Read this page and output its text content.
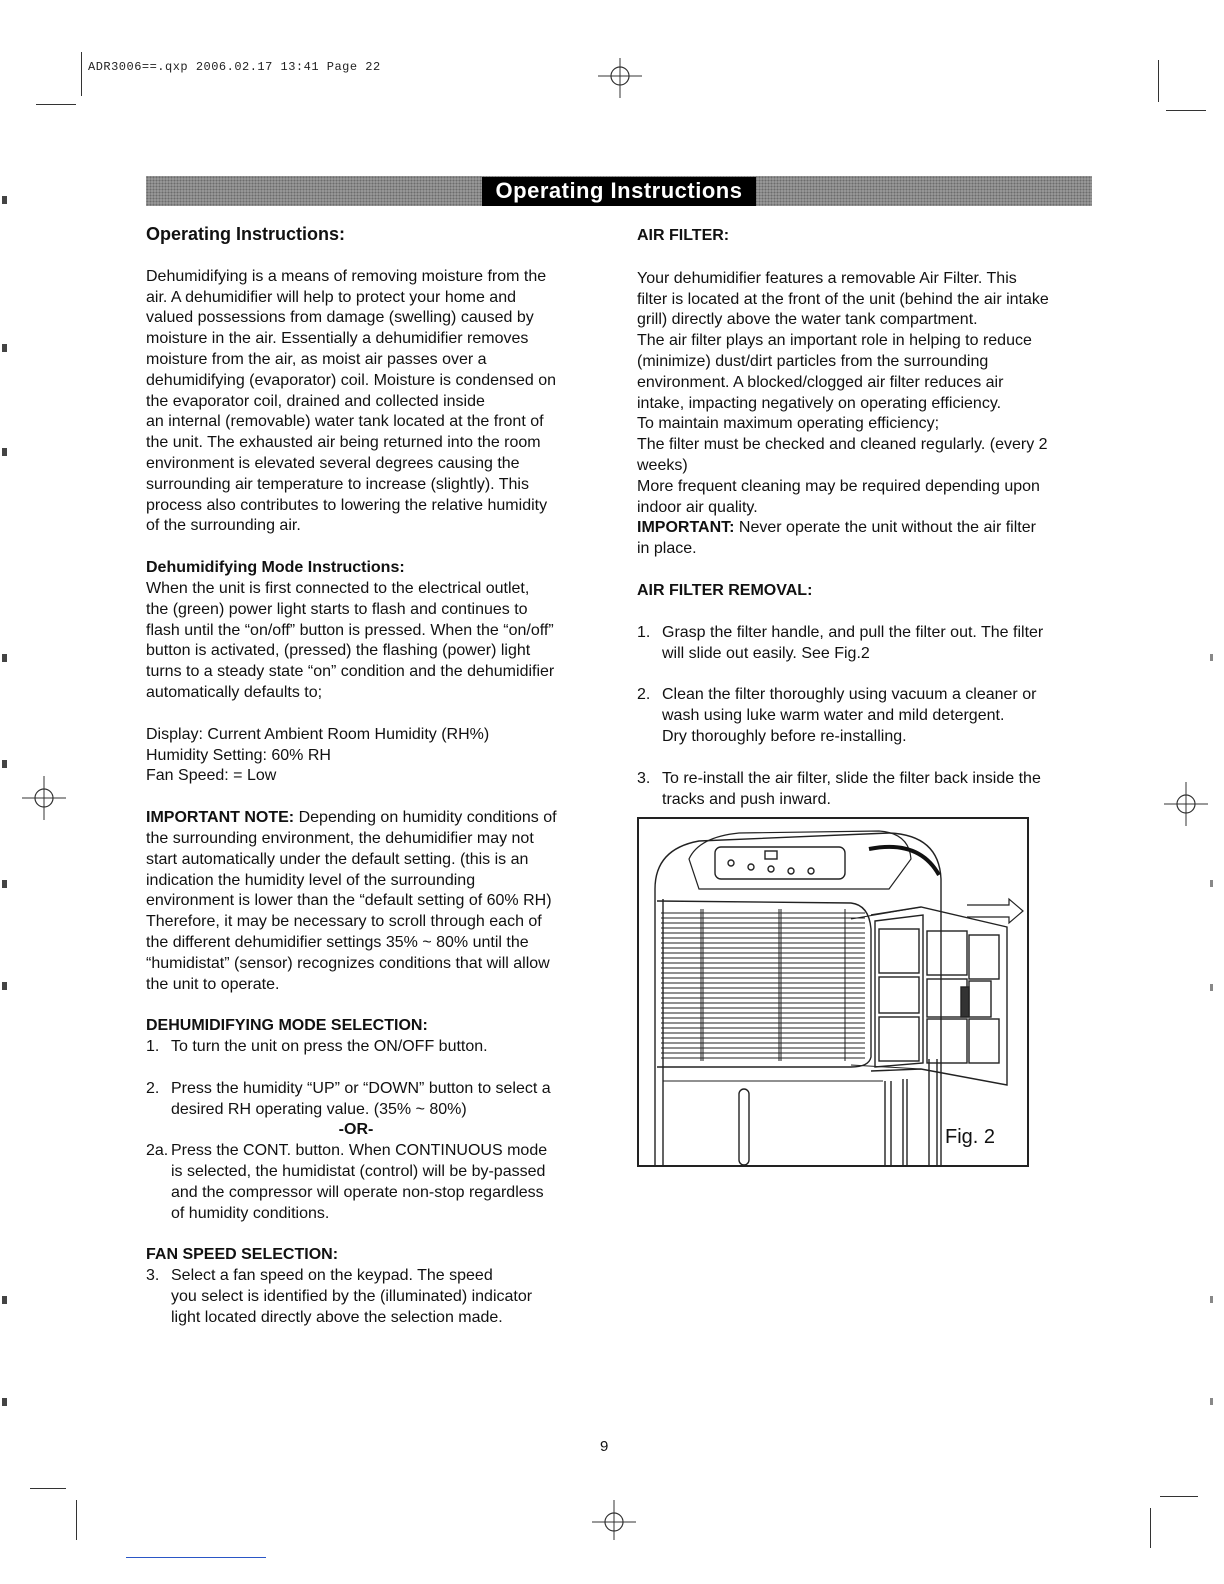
ADR3006==.qxp 2006.02.17 13:41 Page 22
Operating Instructions

Operating Instructions:

Dehumidifying is a means of removing moisture from the

air. A dehumidifier will help to protect your home and

valued possessions from damage (swelling) caused by

moisture in the air. Essentially a dehumidifier removes

moisture from the air, as moist air passes over a

dehumidifying (evaporator) coil. Moisture is condensed on

the evaporator coil, drained and collected inside

an internal (removable) water tank located at the front of

the unit. The exhausted air being returned into the room

environment is elevated several degrees causing the

surrounding air temperature to increase (slightly). This

process also contributes to lowering the relative humidity

of the surrounding air.

Dehumidifying Mode Instructions:

When the unit is first connected to the electrical outlet,

the (green) power light starts to flash and continues to

flash until the “on/off” button is pressed. When the “on/off”

button is activated, (pressed) the flashing (power) light

turns to a steady state “on” condition and the dehumidifier

automatically defaults to;

Display: Current Ambient Room Humidity (RH%)

Humidity Setting: 60% RH

Fan Speed: = Low

IMPORTANT NOTE: Depending on humidity conditions of

the surrounding environment, the dehumidifier may not

start automatically under the default setting. (this is an

indication the humidity level of the surrounding

environment is lower than the “default setting of 60% RH)

Therefore, it may be necessary to scroll through each of

the different dehumidifier settings 35% ~ 80% until the

“humidistat” (sensor) recognizes conditions that will allow

the unit to operate.

DEHUMIDIFYING MODE SELECTION:

1. To turn the unit on press the ON/OFF button.
2. Press the humidity “UP” or “DOWN” button to select a

desired RH operating value. (35% ~ 80%)

-OR-

2a. Press the CONT. button. When CONTINUOUS mode

is selected, the humidistat (control) will be by-passed

and the compressor will operate non-stop regardless

of humidity conditions.

FAN SPEED SELECTION:

3. Select a fan speed on the keypad. The speed

you select is identified by the (illuminated) indicator

light located directly above the selection made.

AIR FILTER:

Your dehumidifier features a removable Air Filter. This

filter is located at the front of the unit (behind the air intake

grill) directly above the water tank compartment.

The air filter plays an important role in helping to reduce

(minimize) dust/dirt particles from the surrounding

environment. A blocked/clogged air filter reduces air

intake, impacting negatively on operating efficiency.

To maintain maximum operating efficiency;

The filter must be checked and cleaned regularly. (every 2

weeks)

More frequent cleaning may be required depending upon

indoor air quality.

IMPORTANT: Never operate the unit without the air filter

in place.

AIR FILTER REMOVAL:

1. Grasp the filter handle, and pull the filter out. The filter

will slide out easily. See Fig.2

2. Clean the filter thoroughly using vacuum a cleaner or

wash using luke warm water and mild detergent.

Dry thoroughly before re-installing.

3. To re-install the air filter, slide the filter back inside the

tracks and push inward.

Fig. 2
9
